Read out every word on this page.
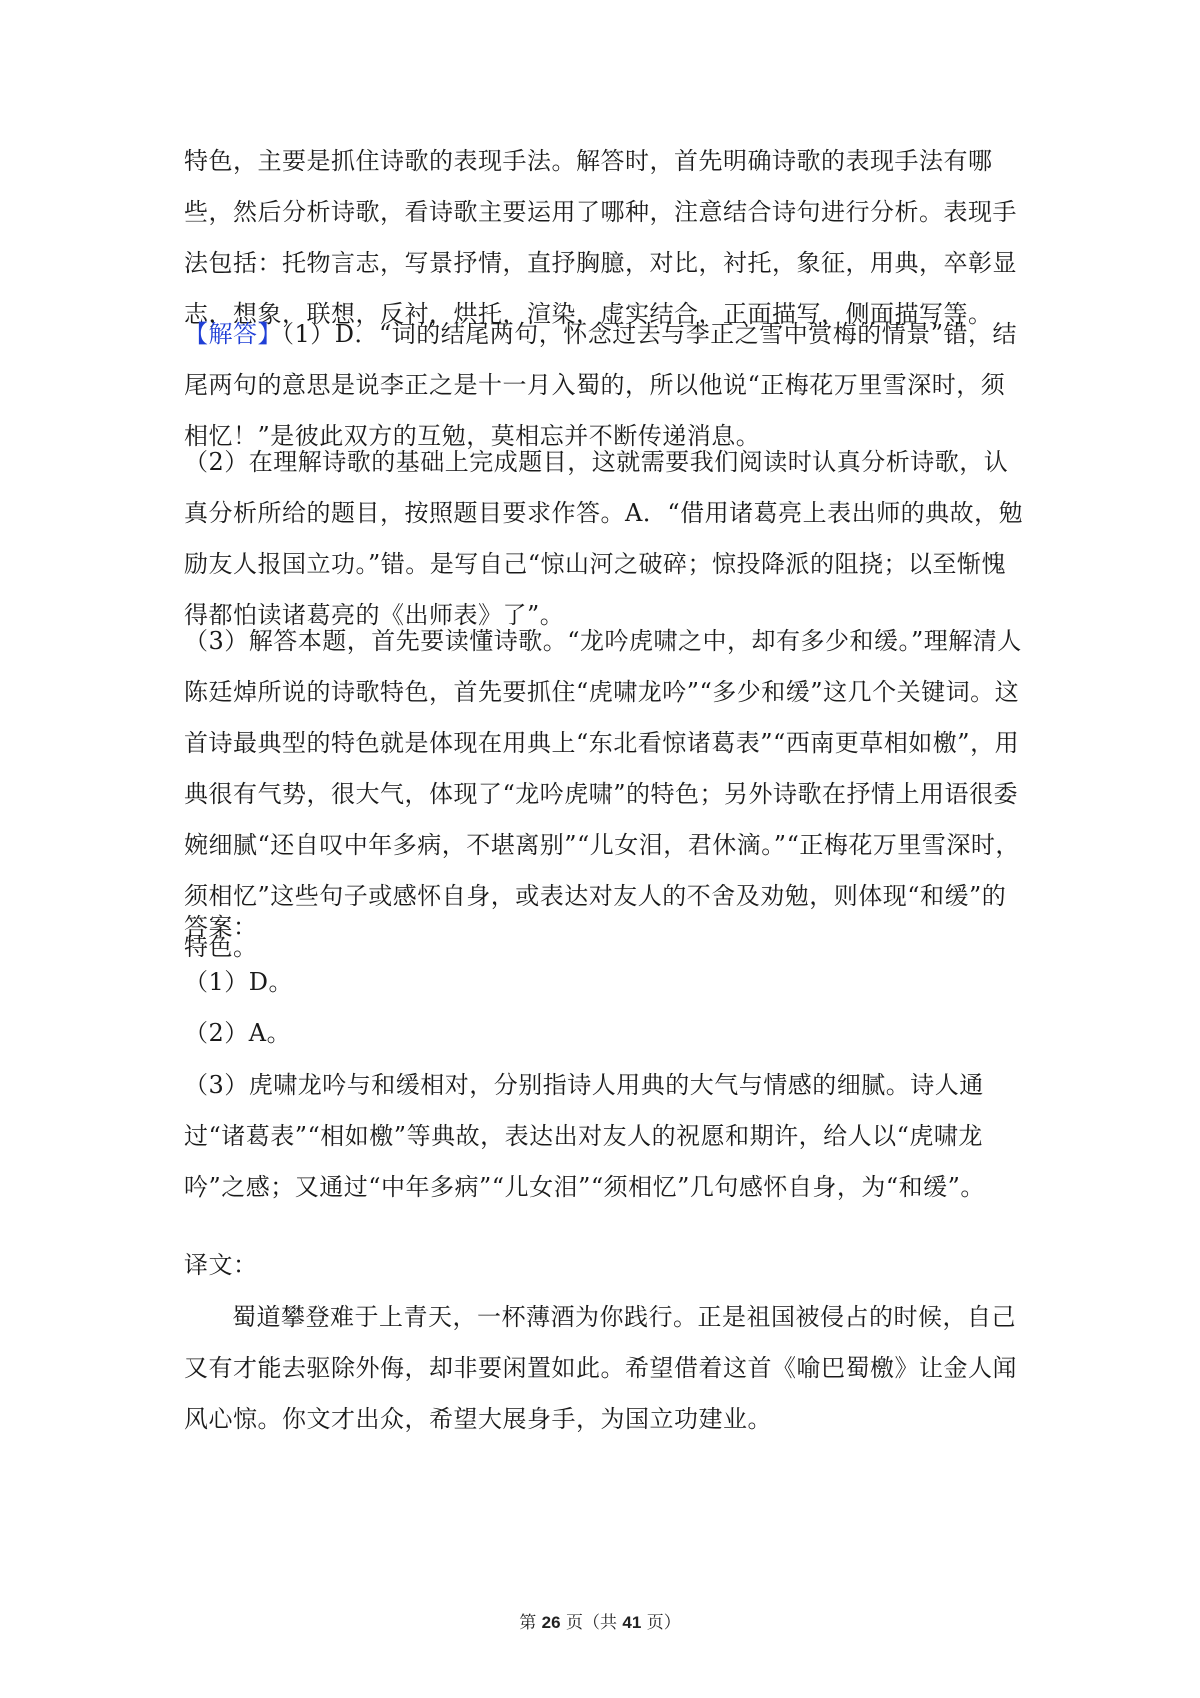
特色，主要是抓住诗歌的表现手法。解答时，首先明确诗歌的表现手法有哪些，然后分析诗歌，看诗歌主要运用了哪种，注意结合诗句进行分析。表现手法包括：托物言志，写景抒情，直抒胸臆，对比，衬托，象征，用典，卒彰显志，想象，联想，反衬，烘托，渲染，虚实结合，正面描写，侧面描写等。

【解答】（1）D．“词的结尾两句，怀念过去与李正之雪中赏梅的情景”错，结尾两句的意思是说李正之是十一月入蜀的，所以他说“正梅花万里雪深时，须相忆！”是彼此双方的互勉，莫相忘并不断传递消息。

（2）在理解诗歌的基础上完成题目，这就需要我们阅读时认真分析诗歌，认真分析所给的题目，按照题目要求作答。A．“借用诸葛亮上表出师的典故，勉励友人报国立功。”错。是写自己“惊山河之破碎；惊投降派的阻挠；以至惭愧得都怕读诸葛亮的《出师表》了”。

（3）解答本题，首先要读懂诗歌。“龙吟虎啸之中，却有多少和缓。”理解清人陈廷焯所说的诗歌特色，首先要抓住“虎啸龙吟”“多少和缓”这几个关键词。这首诗最典型的特色就是体现在用典上“东北看惊诸葛表”“西南更草相如檄”，用典很有气势，很大气，体现了“龙吟虎啸”的特色；另外诗歌在抒情上用语很委婉细腻“还自叹中年多病，不堪离别”“儿女泪，君休滴。”“正梅花万里雪深时，须相忆”这些句子或感怀自身，或表达对友人的不舍及劝勉，则体现“和缓”的特色。

答案：

（1）D。

（2）A。

（3）虎啸龙吟与和缓相对，分别指诗人用典的大气与情感的细腻。诗人通过“诸葛表”“相如檄”等典故，表达出对友人的祝愿和期许，给人以“虎啸龙吟”之感；又通过“中年多病”“儿女泪”“须相忆”几句感怀自身，为“和缓”。

译文：

蜀道攀登难于上青天，一杯薄酒为你践行。正是祖国被侵占的时候，自己又有才能去驱除外侮，却非要闲置如此。希望借着这首《喻巴蜀檄》让金人闻风心惊。你文才出众，希望大展身手，为国立功建业。

第 26 页（共 41 页）
